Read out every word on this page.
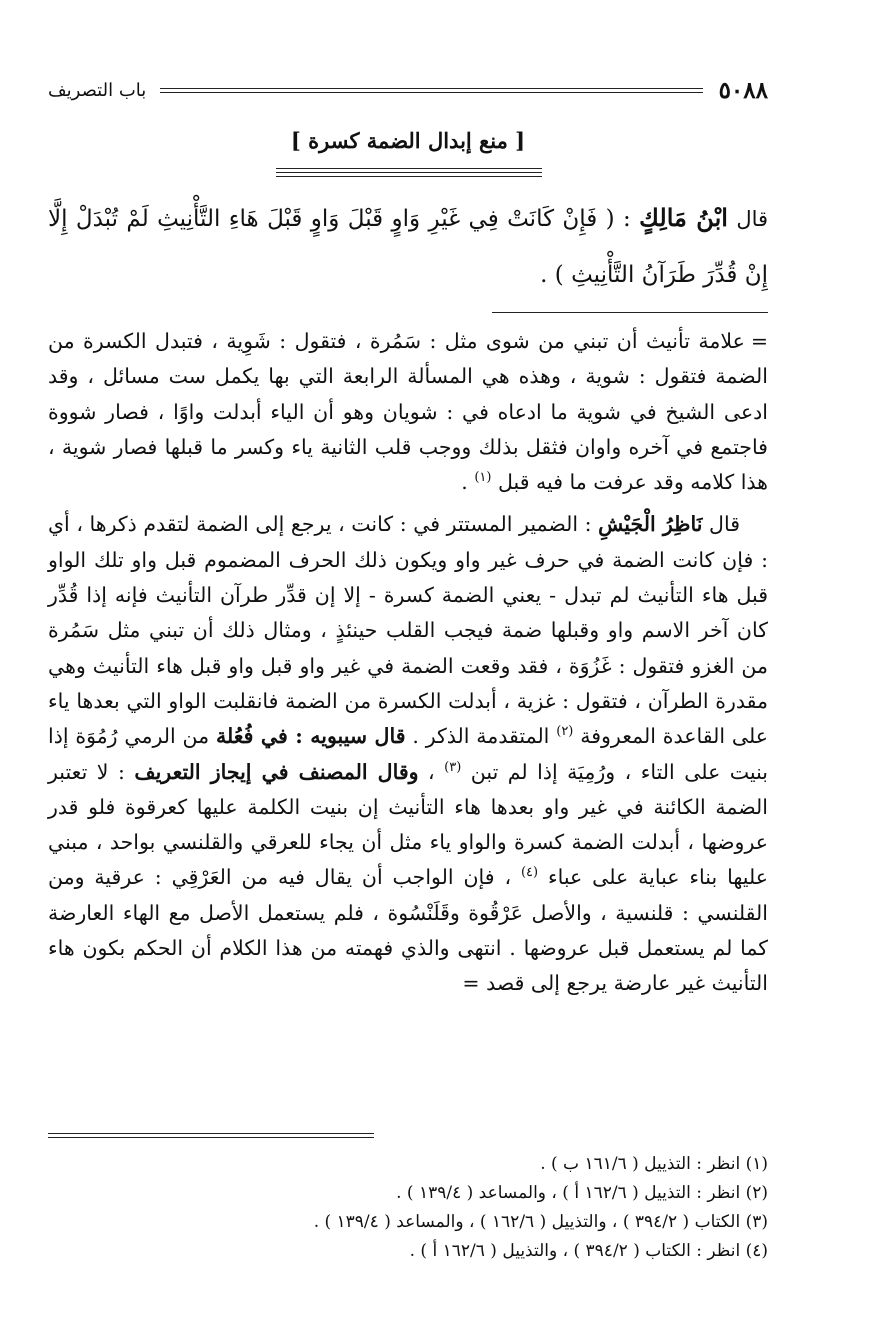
٥٠٨٨
باب التصريف
[ منع إبدال الضمة كسرة ]
قال ابْنُ مَالِكٍ : ( فَإِنْ كَانَتْ فِي غَيْرِ وَاوٍ قَبْلَ وَاوٍ قَبْلَ هَاءِ التَّأْنِيثِ لَمْ تُبْدَلْ إِلَّا إِنْ قُدِّرَ طَرَآنُ التَّأْنِيثِ ) .

=علامة تأنيث أن تبني من شوى مثل : سَمُرة ، فتقول : شَوِية ، فتبدل الكسرة من الضمة فتقول : شوية ، وهذه هي المسألة الرابعة التي بها يكمل ست مسائل ، وقد ادعى الشيخ في شوية ما ادعاه في : شويان وهو أن الياء أبدلت واوًا ، فصار شووة فاجتمع في آخره واوان فثقل بذلك ووجب قلب الثانية ياء وكسر ما قبلها فصار شوية ، هذا كلامه وقد عرفت ما فيه قبل $^{(١)}$ .

قال نَاظِرُ الْجَيْشِ : الضمير المستتر في : كانت ، يرجع إلى الضمة لتقدم ذكرها ، أي : فإن كانت الضمة في حرف غير واو ويكون ذلك الحرف المضموم قبل واو تلك الواو قبل هاء التأنيث لم تبدل - يعني الضمة كسرة - إلا إن قدِّر طرآن التأنيث فإنه إذا قُدِّر كان آخر الاسم واو وقبلها ضمة فيجب القلب حينئذٍ ، ومثال ذلك أن تبني مثل سَمُرة من الغزو فتقول : غَزُوَة ، فقد وقعت الضمة في غير واو قبل واو قبل هاء التأنيث وهي مقدرة الطرآن ، فتقول : غزية ، أبدلت الكسرة من الضمة فانقلبت الواو التي بعدها ياء على القاعدة المعروفة $^{(٢)}$ المتقدمة الذكر . قال سيبويه : في فُعُلة من الرمي رُمُوَة إذا بنيت على التاء ، ورُمِيَة إذا لم تبن $^{(٣)}$ ، وقال المصنف في إيجاز التعريف : لا تعتبر الضمة الكائنة في غير واو بعدها هاء التأنيث إن بنيت الكلمة عليها كعرقوة فلو قدر عروضها ، أبدلت الضمة كسرة والواو ياء مثل أن يجاء للعرقي والقلنسي بواحد ، مبني عليها بناء عباية على عباء $^{(٤)}$ ، فإن الواجب أن يقال فيه من العَرْقِي : عرقية ومن القلنسي : قلنسية ، والأصل عَرْقُوة وقَلَنْسُوة ، فلم يستعمل الأصل مع الهاء العارضة كما لم يستعمل قبل عروضها . انتهى والذي فهمته من هذا الكلام أن الحكم بكون هاء التأنيث غير عارضة يرجع إلى قصد =

(١) انظر : التذييل ( ١٦١/٦ ب ) .
(٢) انظر : التذييل ( ١٦٢/٦ أ ) ، والمساعد ( ١٣٩/٤ ) .
(٣) الكتاب ( ٣٩٤/٢ ) ، والتذييل ( ١٦٢/٦ ) ، والمساعد ( ١٣٩/٤ ) .
(٤) انظر : الكتاب ( ٣٩٤/٢ ) ، والتذييل ( ١٦٢/٦ أ ) .
